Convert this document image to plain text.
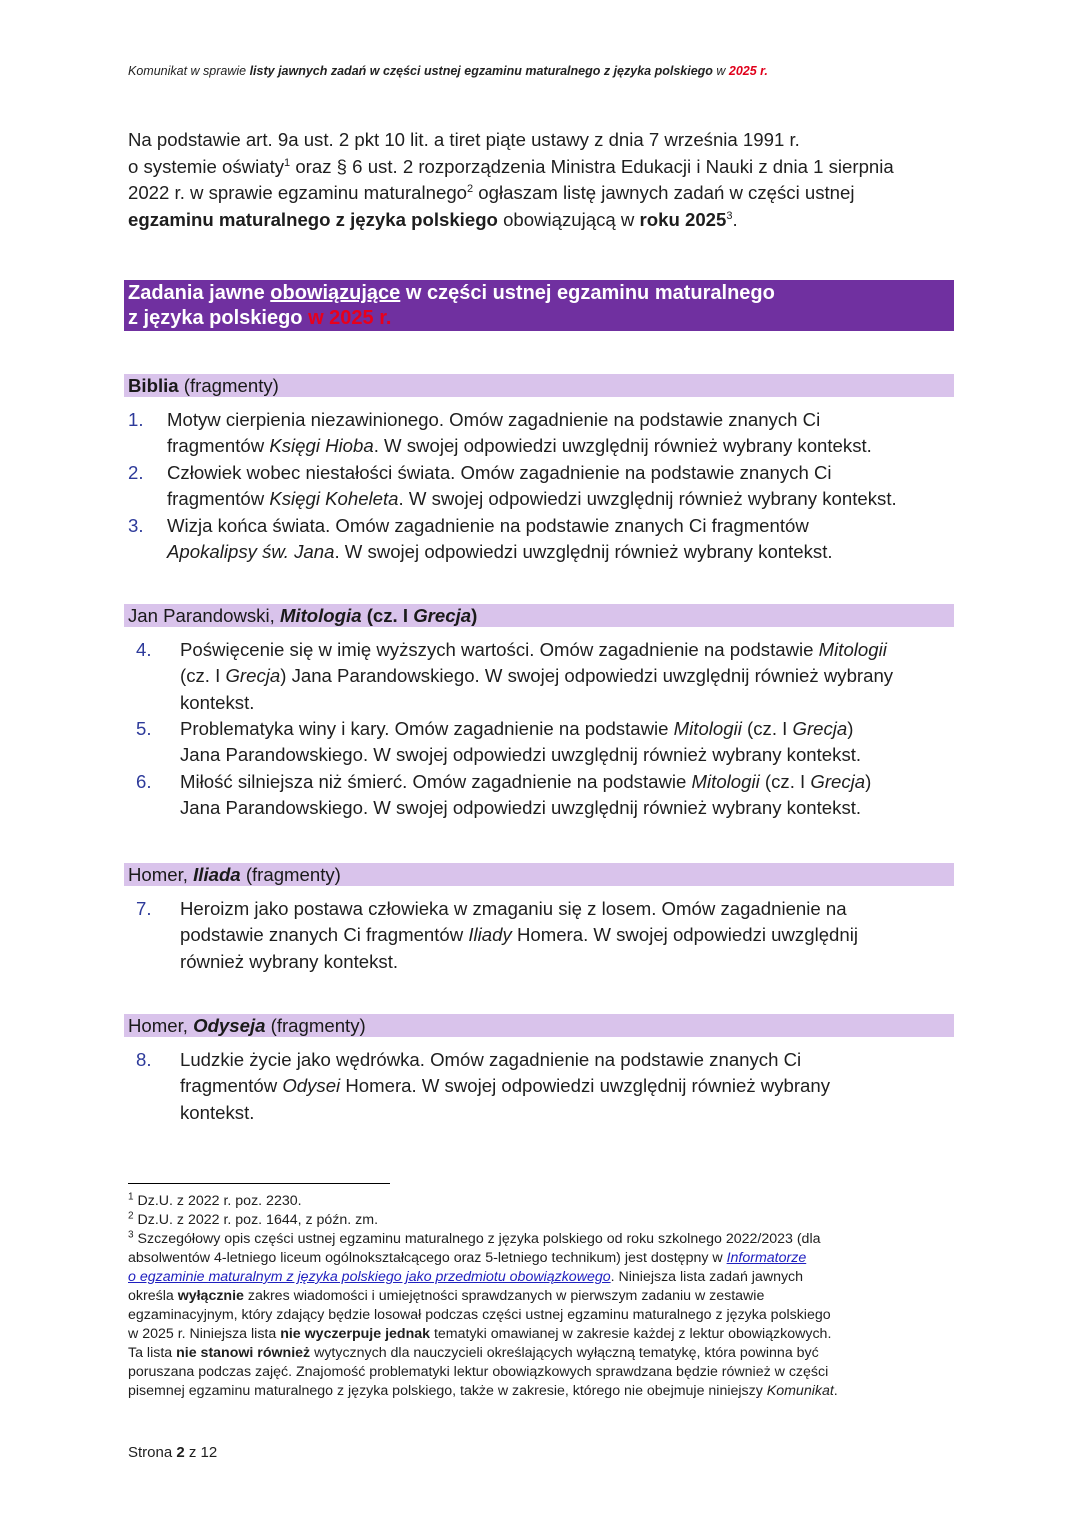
Komunikat w sprawie listy jawnych zadań w części ustnej egzaminu maturalnego z języka polskiego w 2025 r.
Na podstawie art. 9a ust. 2 pkt 10 lit. a tiret piąte ustawy z dnia 7 września 1991 r.
o systemie oświaty$^1$ oraz § 6 ust. 2 rozporządzenia Ministra Edukacji i Nauki z dnia 1 sierpnia
2022 r. w sprawie egzaminu maturalnego$^2$ ogłaszam listę jawnych zadań w części ustnej
egzaminu maturalnego z języka polskiego obowiązującą w roku 2025$^3$.
Zadania jawne obowiązujące w części ustnej egzaminu maturalnego
z języka polskiego w 2025 r.
Biblia (fragmenty)
1. Motyw cierpienia niezawinionego. Omów zagadnienie na podstawie znanych Ci
fragmentów Księgi Hioba. W swojej odpowiedzi uwzględnij również wybrany kontekst.
2. Człowiek wobec niestałości świata. Omów zagadnienie na podstawie znanych Ci
fragmentów Księgi Koheleta. W swojej odpowiedzi uwzględnij również wybrany kontekst.
3. Wizja końca świata. Omów zagadnienie na podstawie znanych Ci fragmentów
Apokalipsy św. Jana. W swojej odpowiedzi uwzględnij również wybrany kontekst.
Jan Parandowski, Mitologia (cz. I Grecja)
4. Poświęcenie się w imię wyższych wartości. Omów zagadnienie na podstawie Mitologii
(cz. I Grecja) Jana Parandowskiego. W swojej odpowiedzi uwzględnij również wybrany
kontekst.
5. Problematyka winy i kary. Omów zagadnienie na podstawie Mitologii (cz. I Grecja)
Jana Parandowskiego. W swojej odpowiedzi uwzględnij również wybrany kontekst.
6. Miłość silniejsza niż śmierć. Omów zagadnienie na podstawie Mitologii (cz. I Grecja)
Jana Parandowskiego. W swojej odpowiedzi uwzględnij również wybrany kontekst.
Homer, Iliada (fragmenty)
7. Heroizm jako postawa człowieka w zmaganiu się z losem. Omów zagadnienie na
podstawie znanych Ci fragmentów Iliady Homera. W swojej odpowiedzi uwzględnij
również wybrany kontekst.
Homer, Odyseja (fragmenty)
8. Ludzkie życie jako wędrówka. Omów zagadnienie na podstawie znanych Ci
fragmentów Odysei Homera. W swojej odpowiedzi uwzględnij również wybrany
kontekst.
$^1$ Dz.U. z 2022 r. poz. 2230.
$^2$ Dz.U. z 2022 r. poz. 1644, z późn. zm.
$^3$ Szczegółowy opis części ustnej egzaminu maturalnego z języka polskiego od roku szkolnego 2022/2023 (dla
absolwentów 4-letniego liceum ogólnokształcącego oraz 5-letniego technikum) jest dostępny w Informatorze
o egzaminie maturalnym z języka polskiego jako przedmiotu obowiązkowego. Niniejsza lista zadań jawnych
określa wyłącznie zakres wiadomości i umiejętności sprawdzanych w pierwszym zadaniu w zestawie
egzaminacyjnym, który zdający będzie losował podczas części ustnej egzaminu maturalnego z języka polskiego
w 2025 r. Niniejsza lista nie wyczerpuje jednak tematyki omawianej w zakresie każdej z lektur obowiązkowych.
Ta lista nie stanowi również wytycznych dla nauczycieli określających wyłączną tematykę, która powinna być
poruszana podczas zajęć. Znajomość problematyki lektur obowiązkowych sprawdzana będzie również w części
pisemnej egzaminu maturalnego z języka polskiego, także w zakresie, którego nie obejmuje niniejszy Komunikat.
Strona 2 z 12
